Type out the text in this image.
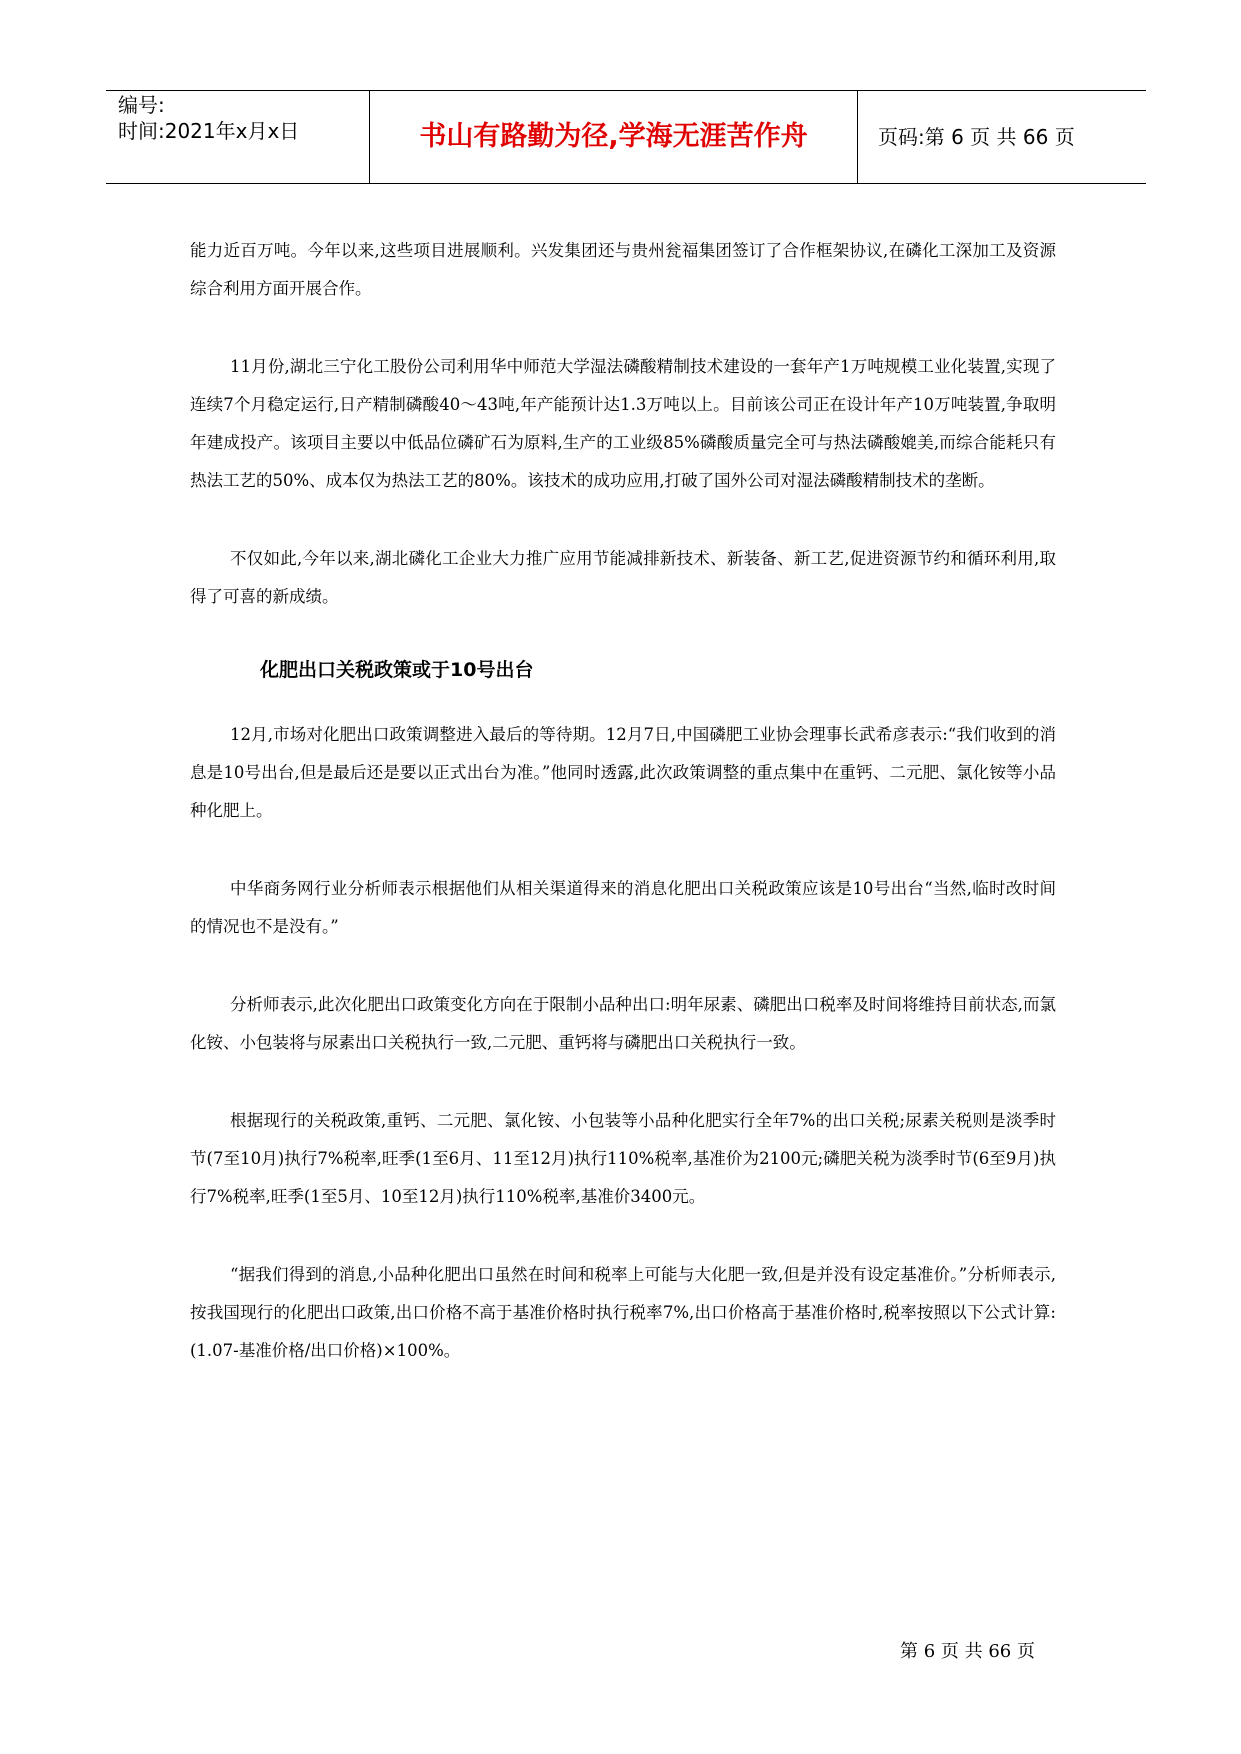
编号:
时间:2021年x月x日	书山有路勤为径,学海无涯苦作舟	页码:第 6 页 共 66 页

能力近百万吨。今年以来,这些项目进展顺利。兴发集团还与贵州瓮福集团签订了合作框架协议,在磷化工深加工及资源综合利用方面开展合作。

11月份,湖北三宁化工股份公司利用华中师范大学湿法磷酸精制技术建设的一套年产1万吨规模工业化装置,实现了连续7个月稳定运行,日产精制磷酸40～43吨,年产能预计达1.3万吨以上。目前该公司正在设计年产10万吨装置,争取明年建成投产。该项目主要以中低品位磷矿石为原料,生产的工业级85%磷酸质量完全可与热法磷酸媲美,而综合能耗只有热法工艺的50%、成本仅为热法工艺的80%。该技术的成功应用,打破了国外公司对湿法磷酸精制技术的垄断。

不仅如此,今年以来,湖北磷化工企业大力推广应用节能减排新技术、新装备、新工艺,促进资源节约和循环利用,取得了可喜的新成绩。

化肥出口关税政策或于10号出台

12月,市场对化肥出口政策调整进入最后的等待期。12月7日,中国磷肥工业协会理事长武希彦表示:“我们收到的消息是10号出台,但是最后还是要以正式出台为准。”他同时透露,此次政策调整的重点集中在重钙、二元肥、氯化铵等小品种化肥上。

中华商务网行业分析师表示根据他们从相关渠道得来的消息化肥出口关税政策应该是10号出台“当然,临时改时间的情况也不是没有。”

分析师表示,此次化肥出口政策变化方向在于限制小品种出口:明年尿素、磷肥出口税率及时间将维持目前状态,而氯化铵、小包装将与尿素出口关税执行一致,二元肥、重钙将与磷肥出口关税执行一致。

根据现行的关税政策,重钙、二元肥、氯化铵、小包装等小品种化肥实行全年7%的出口关税;尿素关税则是淡季时节(7至10月)执行7%税率,旺季(1至6月、11至12月)执行110%税率,基准价为2100元;磷肥关税为淡季时节(6至9月)执行7%税率,旺季(1至5月、10至12月)执行110%税率,基准价3400元。

“据我们得到的消息,小品种化肥出口虽然在时间和税率上可能与大化肥一致,但是并没有设定基准价。”分析师表示,按我国现行的化肥出口政策,出口价格不高于基准价格时执行税率7%,出口价格高于基准价格时,税率按照以下公式计算:(1.07-基准价格/出口价格)×100%。

第 6 页 共 66 页
